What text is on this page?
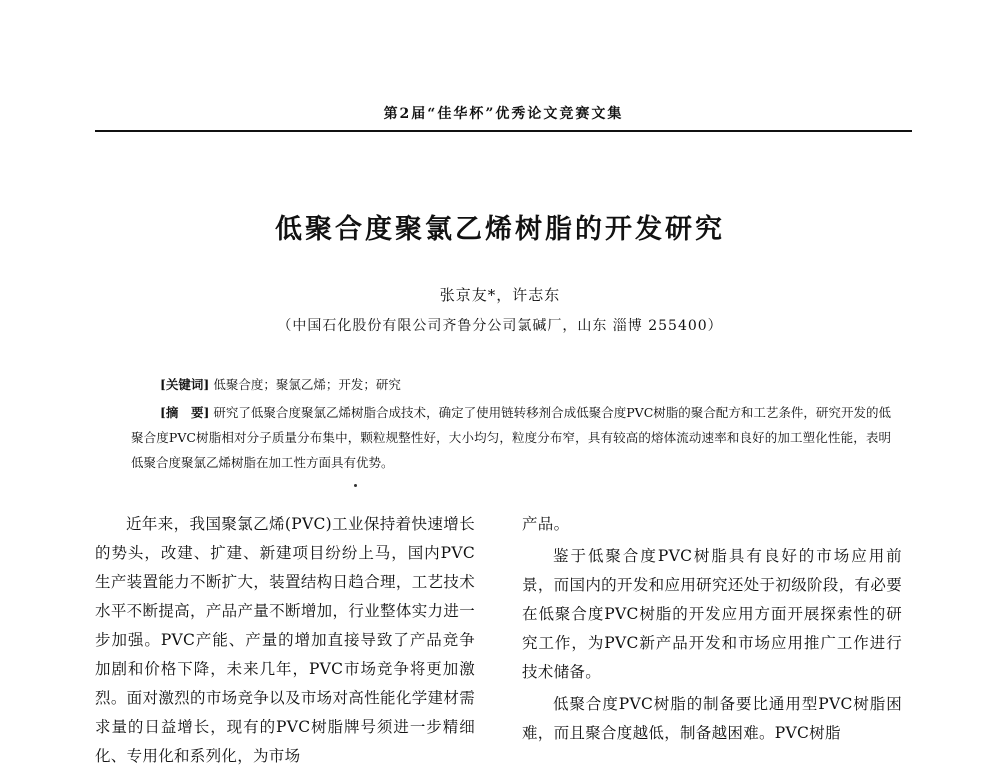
第2届“佳华杯”优秀论文竞赛文集
低聚合度聚氯乙烯树脂的开发研究
张京友*，许志东
（中国石化股份有限公司齐鲁分公司氯碱厂，山东 淄博 255400）
[关键词] 低聚合度；聚氯乙烯；开发；研究
[摘　要] 研究了低聚合度聚氯乙烯树脂合成技术，确定了使用链转移剂合成低聚合度PVC树脂的聚合配方和工艺条件，研究开发的低聚合度PVC树脂相对分子质量分布集中，颗粒规整性好，大小均匀，粒度分布窄，具有较高的熔体流动速率和良好的加工塑化性能，表明低聚合度聚氯乙烯树脂在加工性方面具有优势。

近年来，我国聚氯乙烯(PVC)工业保持着快速增长的势头，改建、扩建、新建项目纷纷上马，国内PVC生产装置能力不断扩大，装置结构日趋合理，工艺技术水平不断提高，产品产量不断增加，行业整体实力进一步加强。PVC产能、产量的增加直接导致了产品竞争加剧和价格下降，未来几年，PVC市场竞争将更加激烈。面对激烈的市场竞争以及市场对高性能化学建材需求量的日益增长，现有的PVC树脂牌号须进一步精细化、专用化和系列化，为市场

产品。

鉴于低聚合度PVC树脂具有良好的市场应用前景，而国内的开发和应用研究还处于初级阶段，有必要在低聚合度PVC树脂的开发应用方面开展探索性的研究工作，为PVC新产品开发和市场应用推广工作进行技术储备。

低聚合度PVC树脂的制备要比通用型PVC树脂困难，而且聚合度越低，制备越困难。PVC树脂
